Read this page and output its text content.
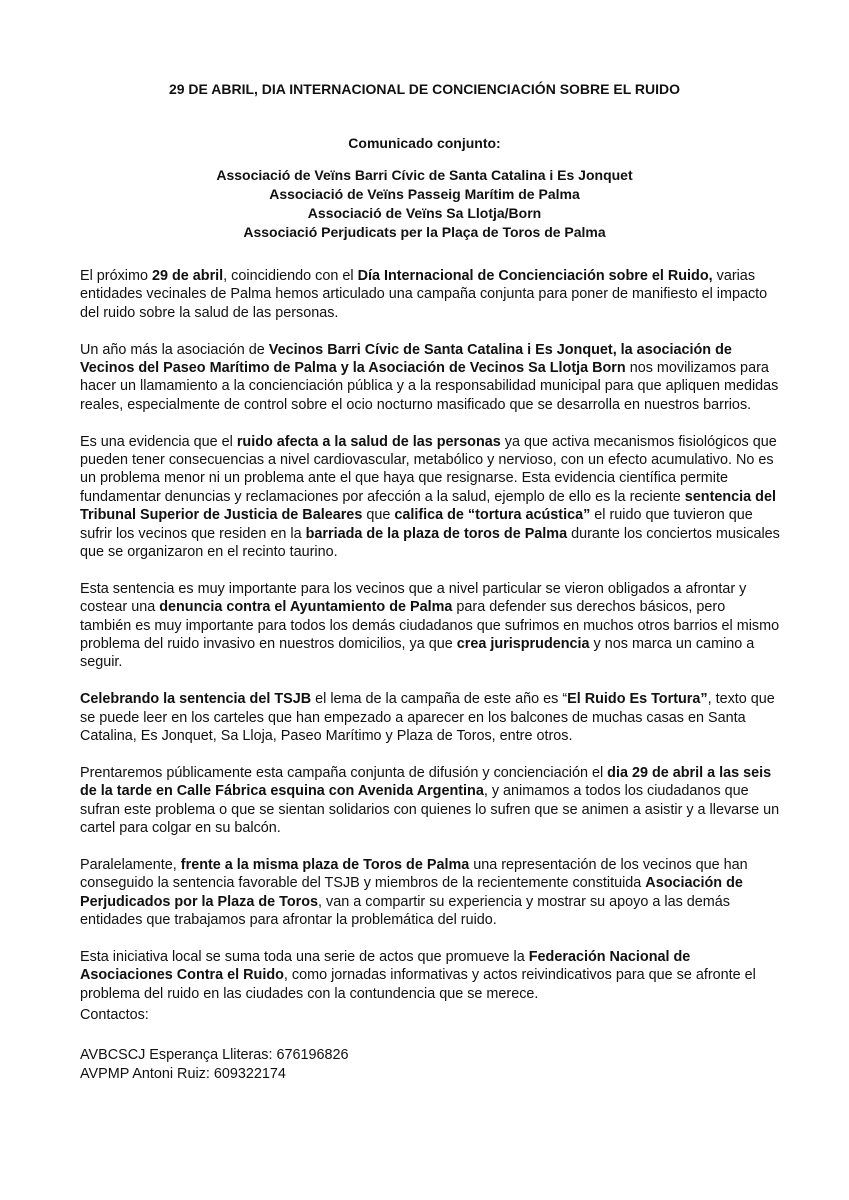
29 DE ABRIL, DIA INTERNACIONAL DE CONCIENCIACIÓN SOBRE EL RUIDO
Comunicado conjunto:
Associació de Veïns Barri Cívic de Santa Catalina i Es Jonquet
Associació de Veïns Passeig Marítim de Palma
Associació de Veïns Sa Llotja/Born
Associació Perjudicats per la Plaça de Toros de Palma

El próximo 29 de abril, coincidiendo con el Día Internacional de Concienciación sobre el Ruido, varias entidades vecinales de Palma hemos articulado una campaña conjunta para poner de manifiesto el impacto del ruido sobre la salud de las personas.

Un año más la asociación de Vecinos Barri Cívic de Santa Catalina i Es Jonquet, la asociación de Vecinos del Paseo Marítimo de Palma y la Asociación de Vecinos Sa Llotja Born nos movilizamos para hacer un llamamiento a la concienciación pública y a la responsabilidad municipal para que apliquen medidas reales, especialmente de control sobre el ocio nocturno masificado que se desarrolla en nuestros barrios.

Es una evidencia que el ruido afecta a la salud de las personas ya que activa mecanismos fisiológicos que pueden tener consecuencias a nivel cardiovascular, metabólico y nervioso, con un efecto acumulativo. No es un problema menor ni un problema ante el que haya que resignarse. Esta evidencia científica permite fundamentar denuncias y reclamaciones por afección a la salud, ejemplo de ello es la reciente sentencia del Tribunal Superior de Justicia de Baleares que califica de “tortura acústica” el ruido que tuvieron que sufrir los vecinos que residen en la barriada de la plaza de toros de Palma durante los conciertos musicales que se organizaron en el recinto taurino.

Esta sentencia es muy importante para los vecinos que a nivel particular se vieron obligados a afrontar y costear una denuncia contra el Ayuntamiento de Palma para defender sus derechos básicos, pero también es muy importante para todos los demás ciudadanos que sufrimos en muchos otros barrios el mismo problema del ruido invasivo en nuestros domicilios, ya que crea jurisprudencia y nos marca un camino a seguir.

Celebrando la sentencia del TSJB el lema de la campaña de este año es “El Ruido Es Tortura”, texto que se puede leer en los carteles que han empezado a aparecer en los balcones de muchas casas en Santa Catalina, Es Jonquet, Sa Lloja, Paseo Marítimo y Plaza de Toros, entre otros.

Prentaremos públicamente esta campaña conjunta de difusión y concienciación el dia 29 de abril a las seis de la tarde en Calle Fábrica esquina con Avenida Argentina, y animamos a todos los ciudadanos que sufran este problema o que se sientan solidarios con quienes lo sufren que se animen a asistir y a llevarse un cartel para colgar en su balcón.

Paralelamente, frente a la misma plaza de Toros de Palma una representación de los vecinos que han conseguido la sentencia favorable del TSJB y miembros de la recientemente constituida Asociación de Perjudicados por la Plaza de Toros, van a compartir su experiencia y mostrar su apoyo a las demás entidades que trabajamos para afrontar la problemática del ruido.

Esta iniciativa local se suma toda una serie de actos que promueve la Federación Nacional de Asociaciones Contra el Ruido, como jornadas informativas y actos reivindicativos para que se afronte el problema del ruido en las ciudades con la contundencia que se merece.

Contactos:

AVBCSCJ Esperança Lliteras: 676196826

AVPMP Antoni Ruiz: 609322174
